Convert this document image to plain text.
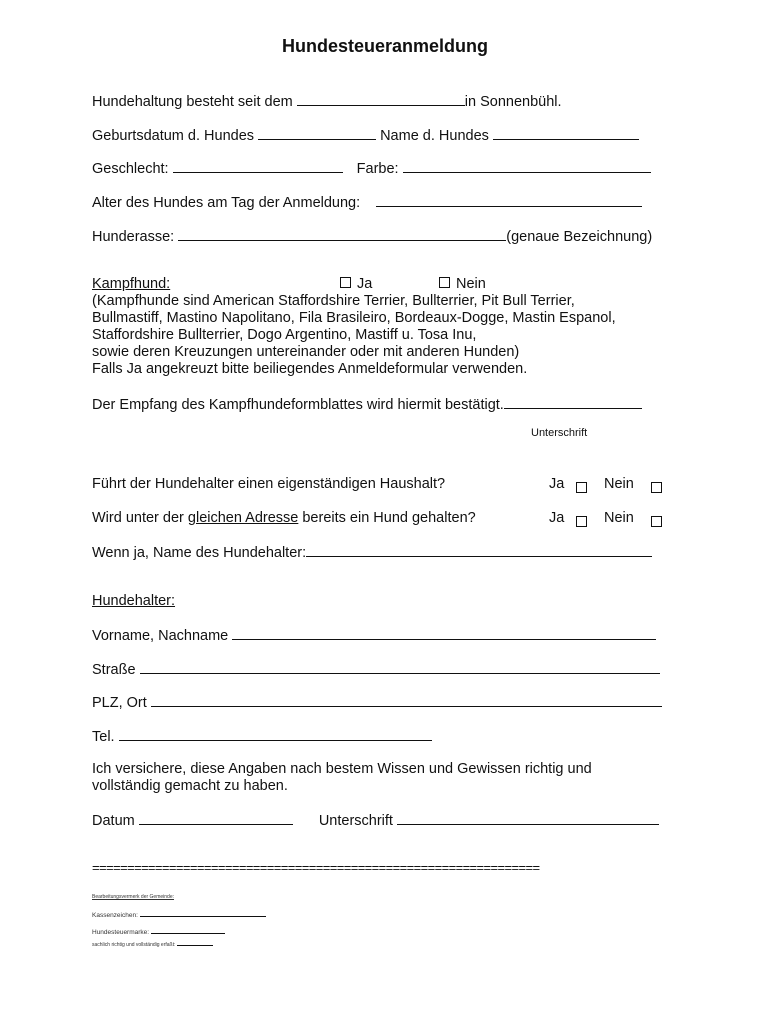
Hundesteueranmeldung
Hundehaltung besteht seit dem	in Sonnenbühl.
Geburtsdatum d. Hundes	Name d. Hundes
Geschlecht:	Farbe:
Alter des Hundes am Tag der Anmeldung:
Hunderasse:	(genaue Bezeichnung)
Kampfhund:	Ja	Nein
(Kampfhunde sind American Staffordshire Terrier, Bullterrier, Pit Bull Terrier,
Bullmastiff, Mastino Napolitano, Fila Brasileiro, Bordeaux-Dogge, Mastin Espanol,
Staffordshire Bullterrier, Dogo Argentino, Mastiff u. Tosa Inu,
sowie deren Kreuzungen untereinander oder mit anderen Hunden)
Falls Ja angekreuzt bitte beiliegendes Anmeldeformular verwenden.
Der Empfang des Kampfhundeformblattes wird hiermit bestätigt.
Unterschrift
Führt der Hundehalter einen eigenständigen Haushalt?	Ja	Nein
Wird unter der gleichen Adresse bereits ein Hund gehalten?	Ja	Nein
Wenn ja, Name des Hundehalter:
Hundehalter:
Vorname, Nachname
Straße
PLZ, Ort
Tel.
Ich versichere, diese Angaben nach bestem Wissen und Gewissen richtig und
vollständig gemacht zu haben.
Datum	Unterschrift
================================================================
Bearbeitungsvermerk der Gemeinde:
Kassenzeichen:
Hundesteuermarke:
sachlich richtig und vollständig erfaßt:
